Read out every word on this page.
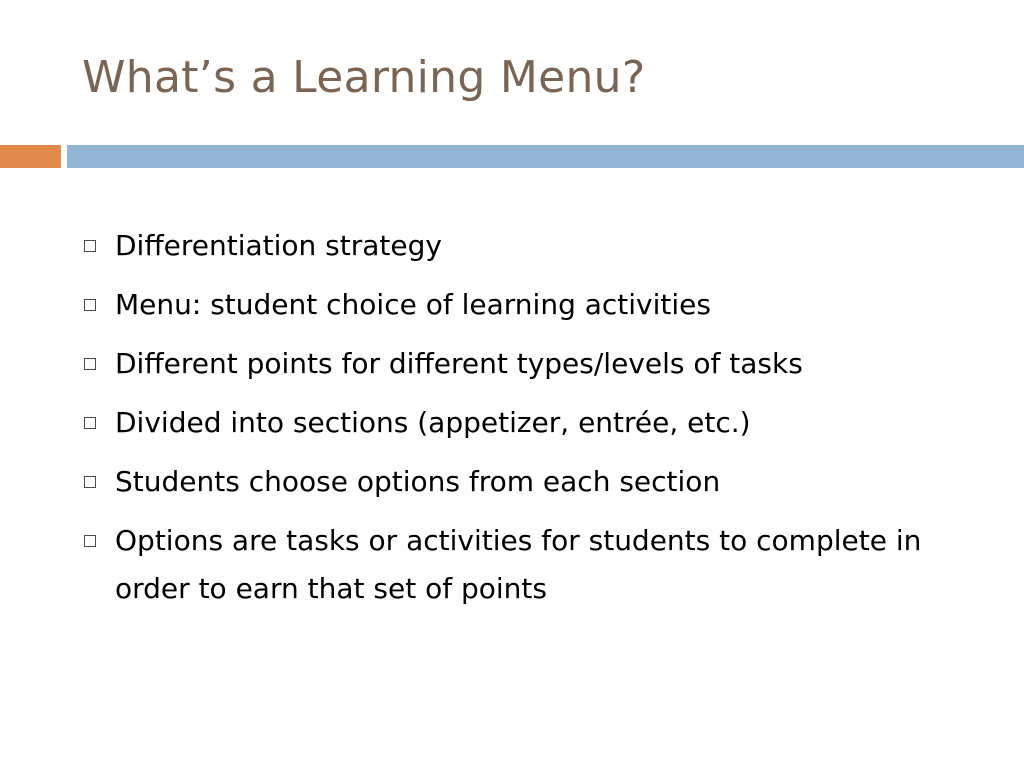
What’s a Learning Menu?
Differentiation strategy
Menu: student choice of learning activities
Different points for different types/levels of tasks
Divided into sections (appetizer, entrée, etc.)
Students choose options from each section
Options are tasks or activities for students to complete in order to earn that set of points
